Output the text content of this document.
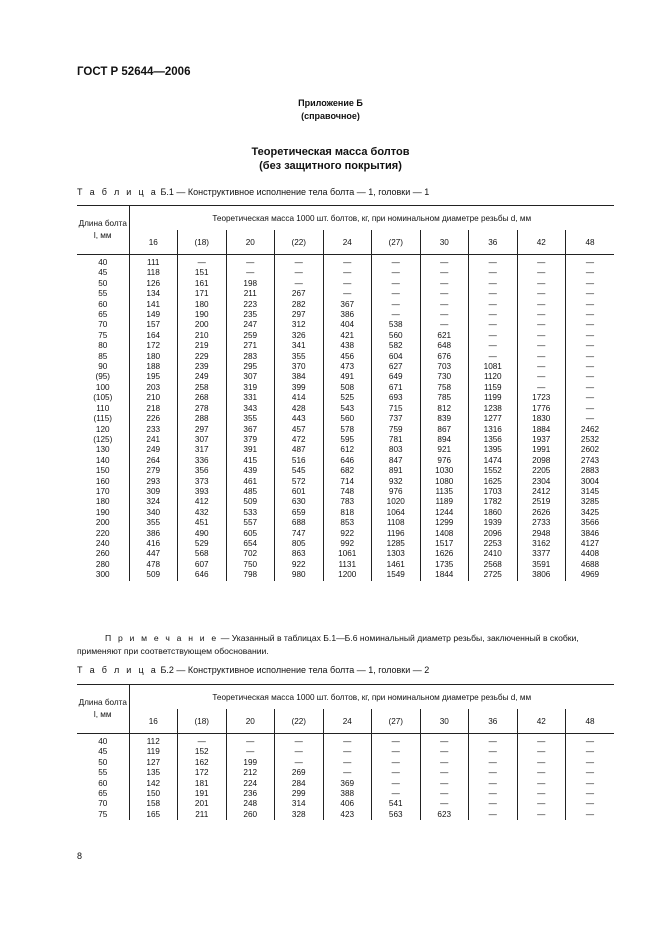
ГОСТ Р 52644—2006
Приложение Б
(справочное)
Теоретическая масса болтов
(без защитного покрытия)
Т а б л и ц а Б.1 — Конструктивное исполнение тела болта — 1, головки — 1
Длина болта l, мм	Теоретическая масса 1000 шт. болтов, кг, при номинальном диаметре резьбы d, мм									
	16	(18)	20	(22)	24	(27)	30	36	42	48

40	111	—	—	—	—	—	—	—	—	—
45	118	151	—	—	—	—	—	—	—	—
50	126	161	198	—	—	—	—	—	—	—
55	134	171	211	267	—	—	—	—	—	—
60	141	180	223	282	367	—	—	—	—	—
65	149	190	235	297	386	—	—	—	—	—
70	157	200	247	312	404	538	—	—	—	—
75	164	210	259	326	421	560	621	—	—	—
80	172	219	271	341	438	582	648	—	—	—
85	180	229	283	355	456	604	676	—	—	—
90	188	239	295	370	473	627	703	1081	—	—
(95)	195	249	307	384	491	649	730	1120	—	—
100	203	258	319	399	508	671	758	1159	—	—
(105)	210	268	331	414	525	693	785	1199	1723	—
110	218	278	343	428	543	715	812	1238	1776	—
(115)	226	288	355	443	560	737	839	1277	1830	—
120	233	297	367	457	578	759	867	1316	1884	2462
(125)	241	307	379	472	595	781	894	1356	1937	2532
130	249	317	391	487	612	803	921	1395	1991	2602
140	264	336	415	516	646	847	976	1474	2098	2743
150	279	356	439	545	682	891	1030	1552	2205	2883
160	293	373	461	572	714	932	1080	1625	2304	3004
170	309	393	485	601	748	976	1135	1703	2412	3145
180	324	412	509	630	783	1020	1189	1782	2519	3285
190	340	432	533	659	818	1064	1244	1860	2626	3425
200	355	451	557	688	853	1108	1299	1939	2733	3566
220	386	490	605	747	922	1196	1408	2096	2948	3846
240	416	529	654	805	992	1285	1517	2253	3162	4127
260	447	568	702	863	1061	1303	1626	2410	3377	4408
280	478	607	750	922	1131	1461	1735	2568	3591	4688
300	509	646	798	980	1200	1549	1844	2725	3806	4969
П р и м е ч а н и е — Указанный в таблицах Б.1—Б.6 номинальный диаметр резьбы, заключенный в скобки, применяют при соответствующем обосновании.
Т а б л и ц а Б.2 — Конструктивное исполнение тела болта — 1, головки — 2
Длина болта l, мм	Теоретическая масса 1000 шт. болтов, кг, при номинальном диаметре резьбы d, мм									
	16	(18)	20	(22)	24	(27)	30	36	42	48

40	112	—	—	—	—	—	—	—	—	—
45	119	152	—	—	—	—	—	—	—	—
50	127	162	199	—	—	—	—	—	—	—
55	135	172	212	269	—	—	—	—	—	—
60	142	181	224	284	369	—	—	—	—	—
65	150	191	236	299	388	—	—	—	—	—
70	158	201	248	314	406	541	—	—	—	—
75	165	211	260	328	423	563	623	—	—	—
8
